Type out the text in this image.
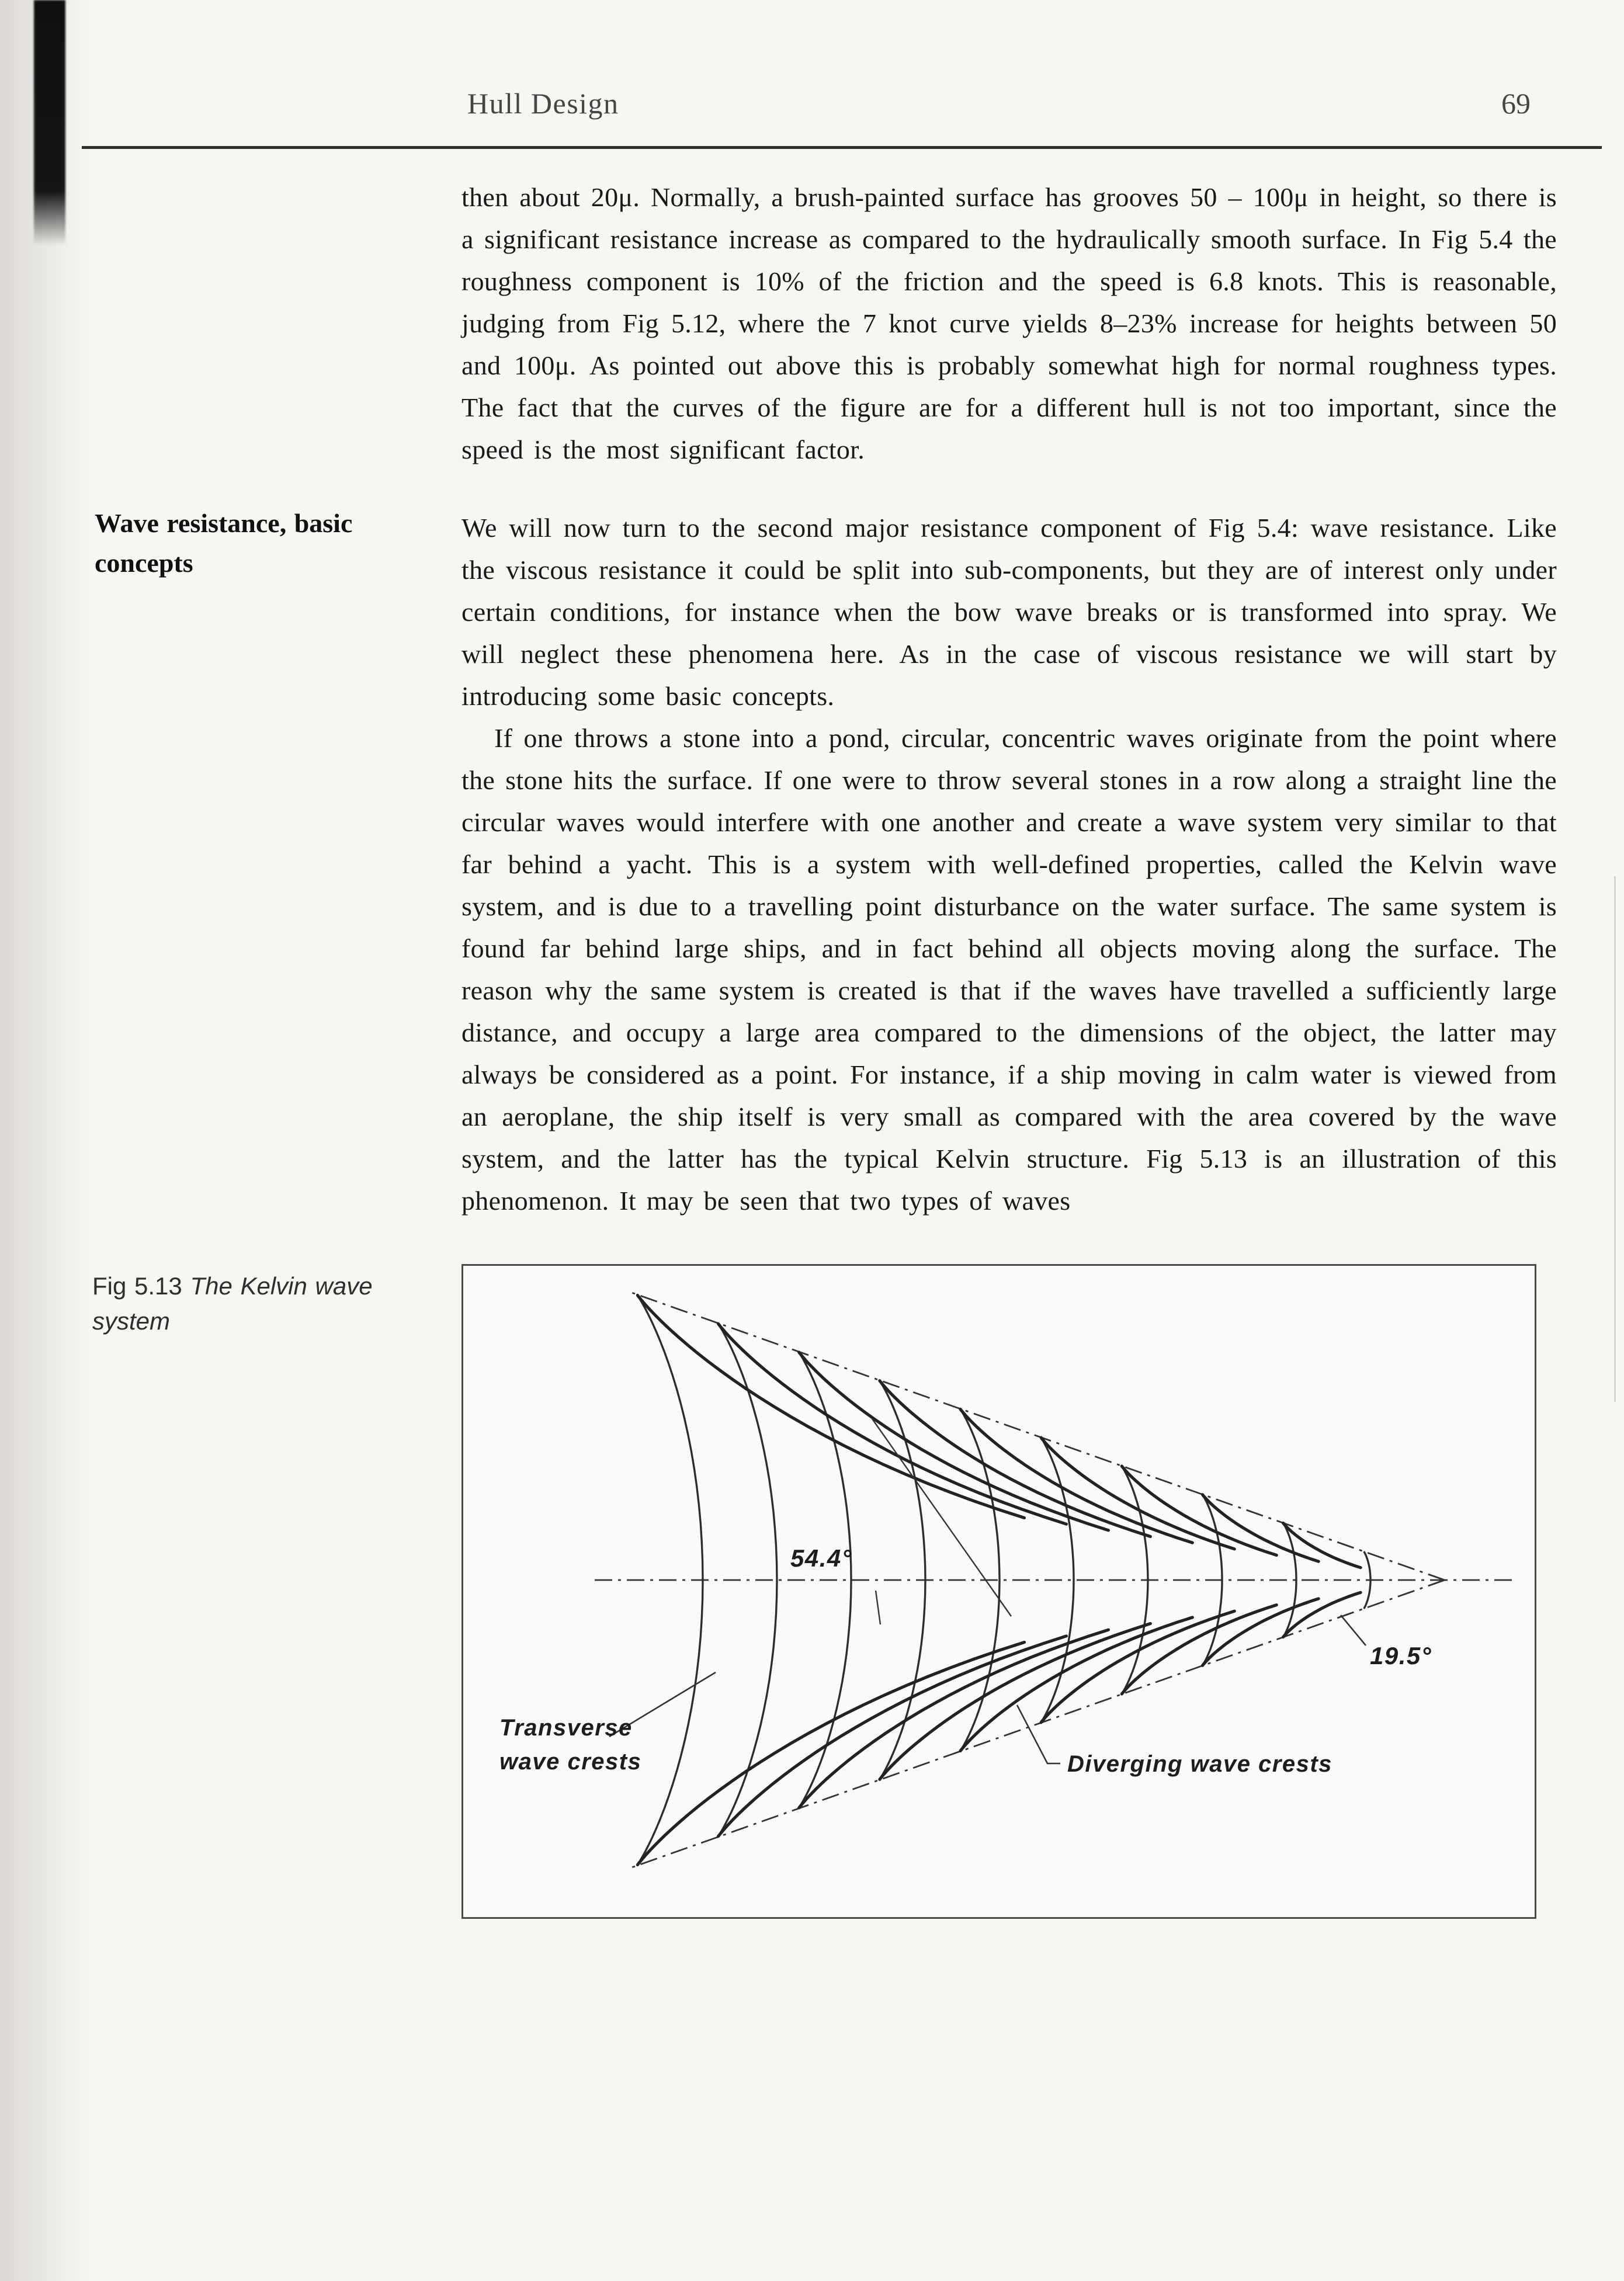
Hull Design	69

then about 20μ. Normally, a brush-painted surface has grooves 50 – 100μ in height, so there is a significant resistance increase as compared to the hydraulically smooth surface. In Fig 5.4 the roughness component is 10% of the friction and the speed is 6.8 knots. This is reasonable, judging from Fig 5.12, where the 7 knot curve yields 8–23% increase for heights between 50 and 100μ. As pointed out above this is probably somewhat high for normal roughness types. The fact that the curves of the figure are for a different hull is not too important, since the speed is the most significant factor.

Wave resistance, basic concepts

We will now turn to the second major resistance component of Fig 5.4: wave resistance. Like the viscous resistance it could be split into sub-components, but they are of interest only under certain conditions, for instance when the bow wave breaks or is transformed into spray. We will neglect these phenomena here. As in the case of viscous resistance we will start by introducing some basic concepts.

If one throws a stone into a pond, circular, concentric waves originate from the point where the stone hits the surface. If one were to throw several stones in a row along a straight line the circular waves would interfere with one another and create a wave system very similar to that far behind a yacht. This is a system with well-defined properties, called the Kelvin wave system, and is due to a travelling point disturbance on the water surface. The same system is found far behind large ships, and in fact behind all objects moving along the surface. The reason why the same system is created is that if the waves have travelled a sufficiently large distance, and occupy a large area compared to the dimensions of the object, the latter may always be considered as a point. For instance, if a ship moving in calm water is viewed from an aeroplane, the ship itself is very small as compared with the area covered by the wave system, and the latter has the typical Kelvin structure. Fig 5.13 is an illustration of this phenomenon. It may be seen that two types of waves

Fig 5.13 The Kelvin wave system
54.4°
19.5°
Transverse
wave crests	Diverging wave crests
